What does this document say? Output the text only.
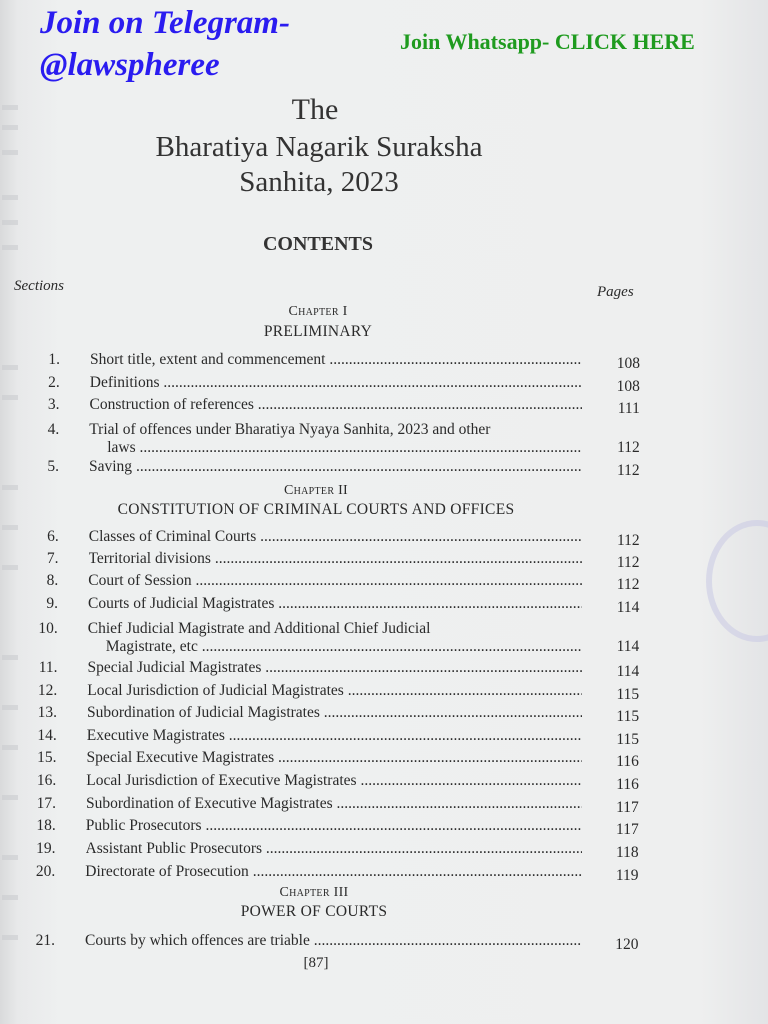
Join on Telegram- @lawspheree
Join Whatsapp- CLICK HERE
The
Bharatiya Nagarik Suraksha
Sanhita, 2023
CONTENTS
Sections	Pages
Chapter I
PRELIMINARY
1. Short title, extent and commencement .....	108
2. Definitions .....	108
3. Construction of references .....	111
4. Trial of offences under Bharatiya Nyaya Sanhita, 2023 and other
laws .....	112
5. Saving .....	112
6. Classes of Criminal Courts .....	112
7. Territorial divisions .....	112
8. Court of Session .....	112
9. Courts of Judicial Magistrates .....	114
10. Chief Judicial Magistrate and Additional Chief Judicial
Magistrate, etc .....	114
11. Special Judicial Magistrates .....	114
12. Local Jurisdiction of Judicial Magistrates .....	115
13. Subordination of Judicial Magistrates .....	115
14. Executive Magistrates .....	115
15. Special Executive Magistrates .....	116
16. Local Jurisdiction of Executive Magistrates .....	116
17. Subordination of Executive Magistrates .....	117
18. Public Prosecutors .....	117
19. Assistant Public Prosecutors .....	118
20. Directorate of Prosecution .....	119
21. Courts by which offences are triable .....	120
Chapter II
CONSTITUTION OF CRIMINAL COURTS AND OFFICES
Chapter III
POWER OF COURTS
[87]
